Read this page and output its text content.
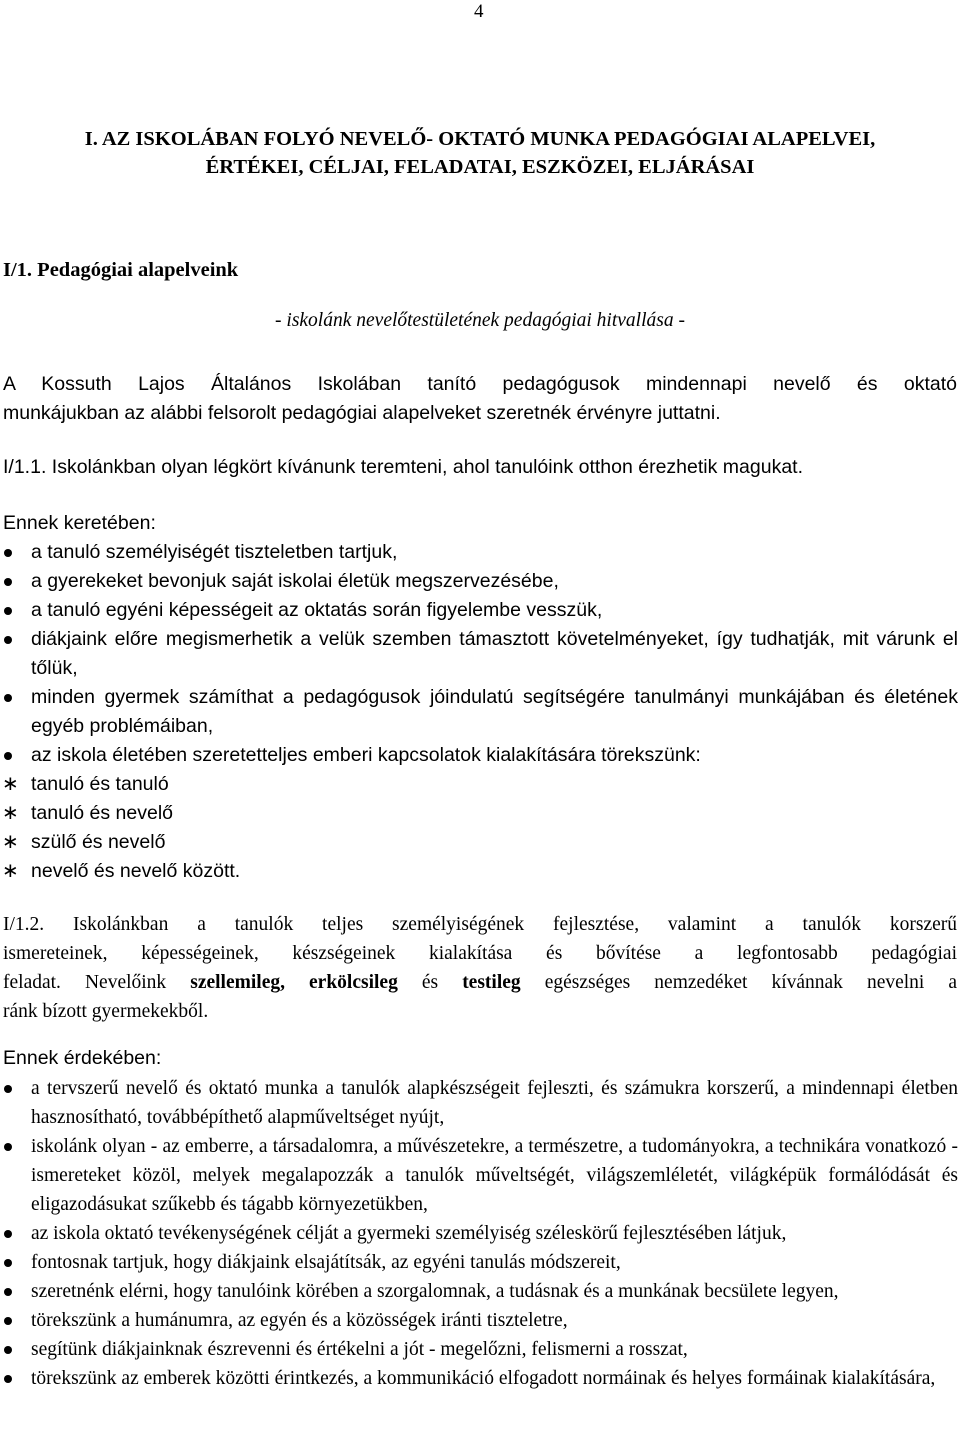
4
I. AZ ISKOLÁBAN FOLYÓ NEVELŐ- OKTATÓ MUNKA PEDAGÓGIAI ALAPELVEI,
ÉRTÉKEI, CÉLJAI, FELADATAI, ESZKÖZEI, ELJÁRÁSAI
I/1. Pedagógiai alapelveink
- iskolánk nevelőtestületének pedagógiai hitvallása -
A Kossuth Lajos Általános Iskolában tanító pedagógusok mindennapi nevelő és oktató
munkájukban az alábbi felsorolt pedagógiai alapelveket szeretnék érvényre juttatni.
I/1.1. Iskolánkban olyan légkört kívánunk teremteni, ahol tanulóink otthon érezhetik magukat.
Ennek keretében:
a tanuló személyiségét tiszteletben tartjuk,
a gyerekeket bevonjuk saját iskolai életük megszervezésébe,
a tanuló egyéni képességeit az oktatás során figyelembe vesszük,
diákjaink előre megismerhetik a velük szemben támasztott követelményeket, így tudhatják, mit várunk el tőlük,
minden gyermek számíthat a pedagógusok jóindulatú segítségére tanulmányi munkájában és életének egyéb problémáiban,
az iskola életében szeretetteljes emberi kapcsolatok kialakítására törekszünk:
∗ tanuló és tanuló
∗ tanuló és nevelő
∗ szülő és nevelő
∗ nevelő és nevelő között.
I/1.2. Iskolánkban a tanulók teljes személyiségének fejlesztése, valamint a tanulók korszerű
ismereteinek, képességeinek, készségeinek kialakítása és bővítése a legfontosabb pedagógiai
feladat. Nevelőink szellemileg, erkölcsileg és testileg egészséges nemzedéket kívánnak nevelni a
ránk bízott gyermekekből.
Ennek érdekében:
a tervszerű nevelő és oktató munka a tanulók alapkészségeit fejleszti, és számukra korszerű, a mindennapi életben hasznosítható, továbbépíthető alapműveltséget nyújt,
iskolánk olyan - az emberre, a társadalomra, a művészetekre, a természetre, a tudományokra, a technikára vonatkozó - ismereteket közöl, melyek megalapozzák a tanulók műveltségét, világszemléletét, világképük formálódását és eligazodásukat szűkebb és tágabb környezetükben,
az iskola oktató tevékenységének célját a gyermeki személyiség széleskörű fejlesztésében látjuk,
fontosnak tartjuk, hogy diákjaink elsajátítsák, az egyéni tanulás módszereit,
szeretnénk elérni, hogy tanulóink körében a szorgalomnak, a tudásnak és a munkának becsülete legyen,
törekszünk a humánumra, az egyén és a közösségek iránti tiszteletre,
segítünk diákjainknak észrevenni és értékelni a jót - megelőzni, felismerni a rosszat,
törekszünk az emberek közötti érintkezés, a kommunikáció elfogadott normáinak és helyes formáinak kialakítására,
